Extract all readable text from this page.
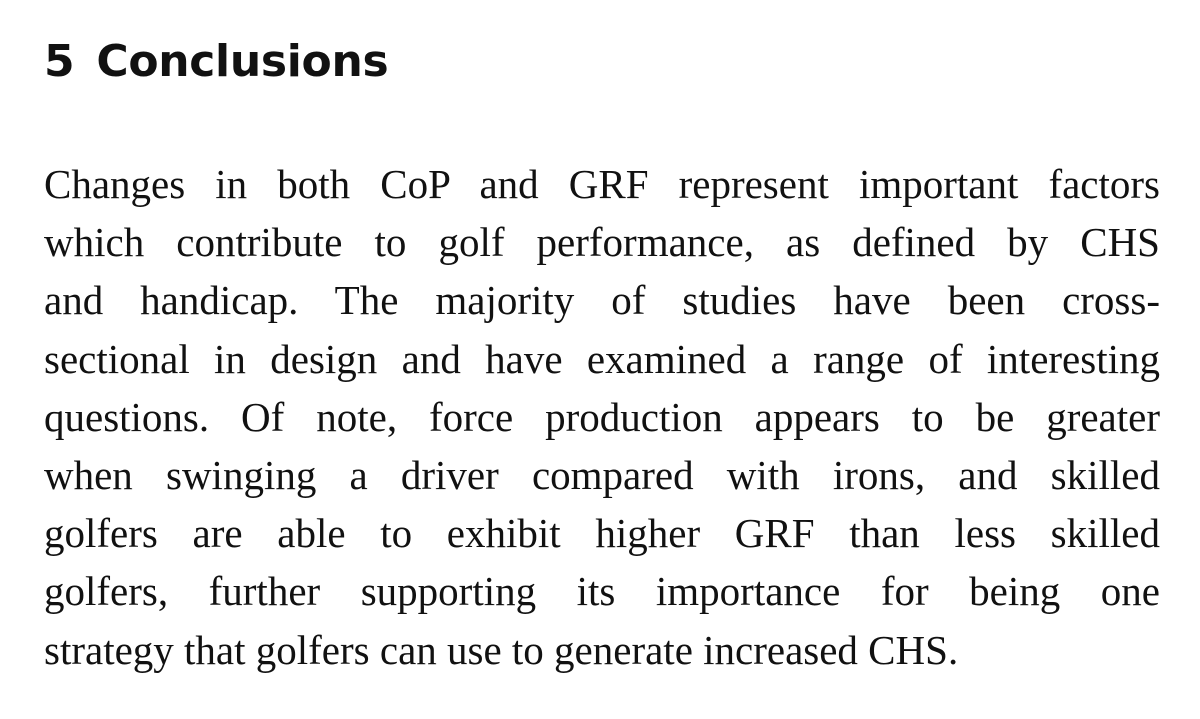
5 Conclusions

Changes in both CoP and GRF represent important factors
which contribute to golf performance, as defined by CHS
and handicap. The majority of studies have been cross-
sectional in design and have examined a range of interesting
questions. Of note, force production appears to be greater
when swinging a driver compared with irons, and skilled
golfers are able to exhibit higher GRF than less skilled
golfers, further supporting its importance for being one
strategy that golfers can use to generate increased CHS.
